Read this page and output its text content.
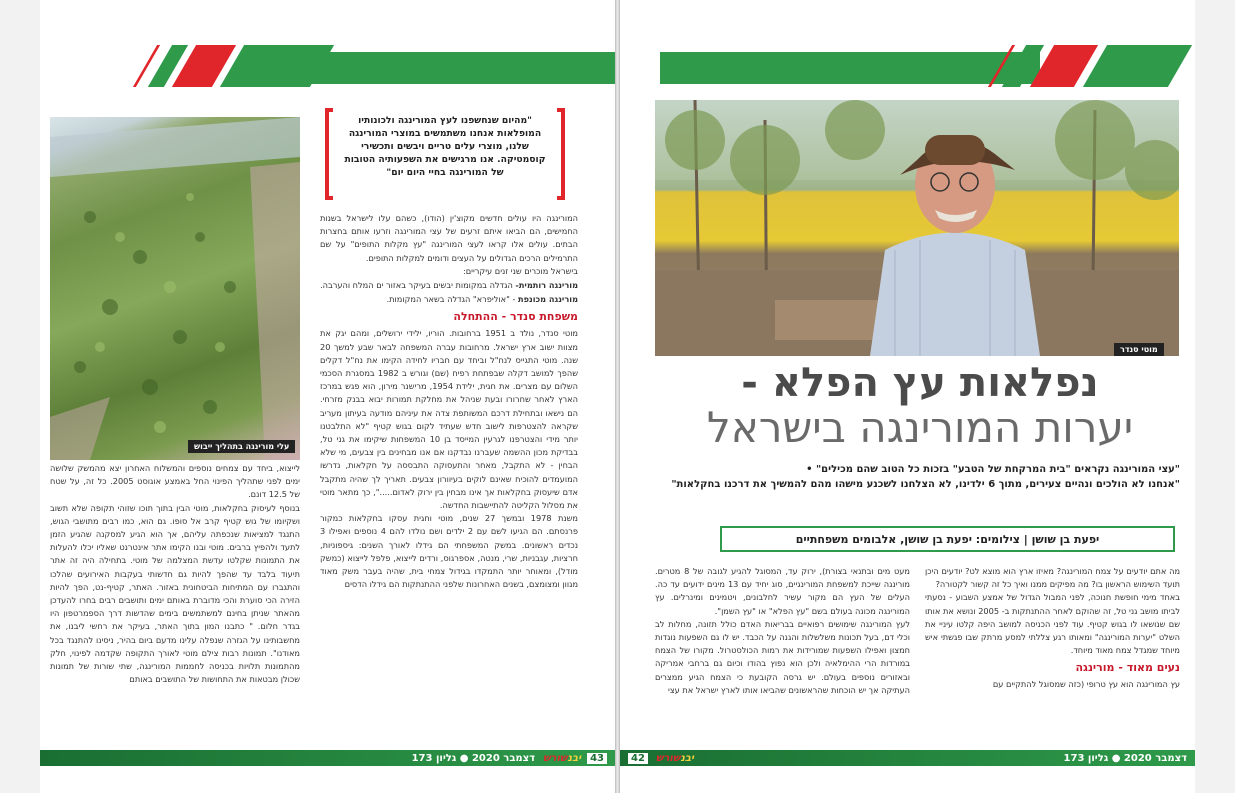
עלי מורינגה בתהליך ייבוש
"מהיום שנחשפנו לעץ המורינגה ולכונותיו המופלאות אנחנו משתמשים במוצרי המורינגה שלנו, מוצרי עלים טריים ויבשים ותכשירי קוסמטיקה. אנו מרגישים את השפעותיה הטובות של המורינגה בחיי היום יום"

המורינגה היו עולים חדשים מקוצ'ין (הודו), כשהם עלו לישראל בשנות החמישים, הם הביאו איתם זרעים של עצי המורינגה וזרעו אותם בחצרות הבתים. עולים אלו קראו לעצי המורינגה "עץ מקלות התופים" על שם התרמילים הרכים הגדולים על העצים ודומים למקלות התופים.
בישראל מוכרים שני זנים עיקריים:

מורינגה רותמית- הגדלה במקומות יבשים בעיקר באזור ים המלח והערבה.

מורינגה מכונפת - "אוליפרא" הגדלה בשאר המקומות.

משפחת סנדר - ההתחלה

מוטי סנדר, נולד ב 1951 ברחובות. הוריו, ילידי ירושלים, ומהם יגק את מצוות ישוב ארץ ישראל. מרחובות עברה המשפחה לבאר שבע למשך 20 שנה. מוטי התגייס לנח"ל וביחד עם חבריו לחידה הקימו את נח"ל דקלים שהפך למושב דקלה שבפתחת רפיח (שם) וגורש ב 1982 במסגרת הסכמי השלום עם מצרים. את חגית, ילידת 1954, מרישנר מירון, הוא פגש במרכז הארץ לאחר שחרורו ובעת שניהל את מחלקת תמורות יבוא בבנק מזרחי. הם נישאו ובתחילת דרכם המשותפת צדה את עיניהם מודעה בעיתון מעריב שקראה להצטרפות לישוב חדש שעתיד לקום בגוש קטיף "לא התלבטנו יותר מידי והצטרפנו לגרעין המייסד בן 10 המשפחות שיקימו את גני טל, בבדיקת מכון ההשמה שעברנו נבדקנו אם אנו מבחינים בין צבעים, מי שלא הבחין - לא התקבל, מאחר והתעסוקה התבססה על חקלאות, נדרשו המועמדים להוכיח שאינם לוקים בעיוורון צבעים. תאריך לך שהיה מתקבל אדם שיעסוק בחקלאות אך אינו מבחין בין ירוק לאדום.....", כך מתאר מוטי את מסלול הקליטה להתיישבות החדשה.
משנת 1978 ובמשך 27 שנים, מוטי וחגית עסקו בחקלאות כמקור פרנסתם. הם הגיעו לשם עם 2 ילדים ושם נולדו להם 4 נוספים ואפילו 3 נכדים ראשונים. במשק המשפחתי הם גידלו לאורך השנים: גיספוניות, חרציות, עגבניות, שרי, מנטה, אספרגוס, ורדים לייצוא, פלפל לייצוא (כמשק מודל), ומאוחר יותר התמקדו בגידול צמחי בית, שהיה בעבר משק מאוד מגוון ומצומצם, בשנים האחרונות שלפני ההתנתקות הם גידלו הדסים

לייצוא, ביחד עם צמחים נוספים והמשלוח האחרון יצא מהמשק שלושה ימים לפני שתהליך הפינוי החל באמצע אוגוסט 2005. כל זה, על שטח של 12.5 דונם.
בנוסף לעיסוק בחקלאות, מוטי הבין בתוך תוכו שזוהי תקופה שלא תשוב ושקיומו של גוש קטיף קרב אל סופו. גם הוא, כמו רבים מתושבי הגוש, התנגד למציאות שנכפתה עליהם, אך הוא הגיע למסקנה שהגיע הזמן לתעד ולהפיץ ברבים. מוטי ובנו הקימו אתר אינטרנט שאליו יכלו להעלות את התמונות שקלטו עדשת המצלמה של מוטי. בתחילה היה זה אתר תיעוד בלבד עד שהפך להיות גם חדשותי בעקבות האירועים שהלכו והתגברו עם המתיחות הביטחונית באזור. האתר, קטיף-נט, הפך להיות הזירה הכי סוערת והכי מדוברת באותם ימים ותושבים רבים בחרו להעדכן מהאתר שניתן בחינם למשתמשים בימים שהדשות דרך הספמרטפון היו בגדר חלום. " כתבנו המון בתוך האתר, בעיקר את רחשי ליבנו, את מחשבותינו על הגזרה שנפלה עלינו מדעם ביום בהיר, ניסינו להתנגד בכל מאודנו". תמונות רבות צילם מוטי לאורך התקופה שקדמה לפינוי, חלק מהתמונות תלויות בכניסה לחממות המורינגה, שתי שורות של תמונות שכולן מבטאות את התחושות של התושבים באותם

43
יבנשורש
דצמבר 2020 ● גליון 173
מוטי סנדר
נפלאות עץ הפלא -
יערות המורינגה בישראל
"עצי המורינגה נקראים "בית המרקחת של הטבע" בזכות כל הטוב שהם מכילים" •
"אנחנו לא הולכים ונהיים צעירים, מתוך 6 ילדינו, לא הצלחנו לשכנע מישהו מהם להמשיך את דרכנו בחקלאות"
יפעת בן שושן | צילומים: יפעת בן שושן, אלבומים משפחתיים

מעט מים ובתנאי בצורת), ירוק עד, המסוגל להגיע לגובה של 8 מטרים. מורינגה שייכת למשפחת המורינגיים, סוג יחיד עם 13 מינים ידועים עד כה. העלים של העץ הם מקור עשיר לחלבונים, ויטמינים ומינרלים. עץ המורינגה מכונה בעולם בשם "עץ הפלא" או "עץ השמן".
לעץ המורינגה שימושים רפואיים בבריאות האדם כולל תזונה, מחלות לב וכלי דם, בעל תכונות משלשלות והגנה על הכבד. יש לו גם השפעות נוגדות חמצון ואפילו השפעות שמורידות את רמות הכולסטרול. מקורו של הצמח במורדות הרי ההימלאיה ולכן הוא נפוץ בהודו וכיום גם ברחבי אמריקה ובאזורים נוספים בעולם. יש גרסה הקובעת כי הצמח הגיע ממצרים העתיקה אך יש הוכחות שהראשונים שהביאו אותו לארץ ישראל את עצי

מה אתם יודעים על צמח המורינגה? מאיזו ארץ הוא מוצא לט? יודעים היכן תועד השימוש הראשון בו? מה מפיקים ממנו ואיך כל זה קשור לקטורה?
באחד מימי חופשת חנוכה, לפני המבול הגדול של אמצע השבוע - נסעתי לביתו מושב גני טל, זה שהוקם לאחר ההתנתקות ב- 2005 ונושא את אותו שם שנושאו לו בגוש קטיף. עוד לפני הכניסה למושב היפה קלטו עיניי את השלט "יערות המורינגה" ומאותו רגע צללתי למסע מרתק שבו פגשתי איש מיוחד שמגדל צמח מאוד מיוחד.

נעים מאוד - מורינגה

עץ המורינגה הוא עץ טרופי (כזה שמסוגל להתקיים עם

דצמבר 2020 ● גליון 173
יבנשורש
42
